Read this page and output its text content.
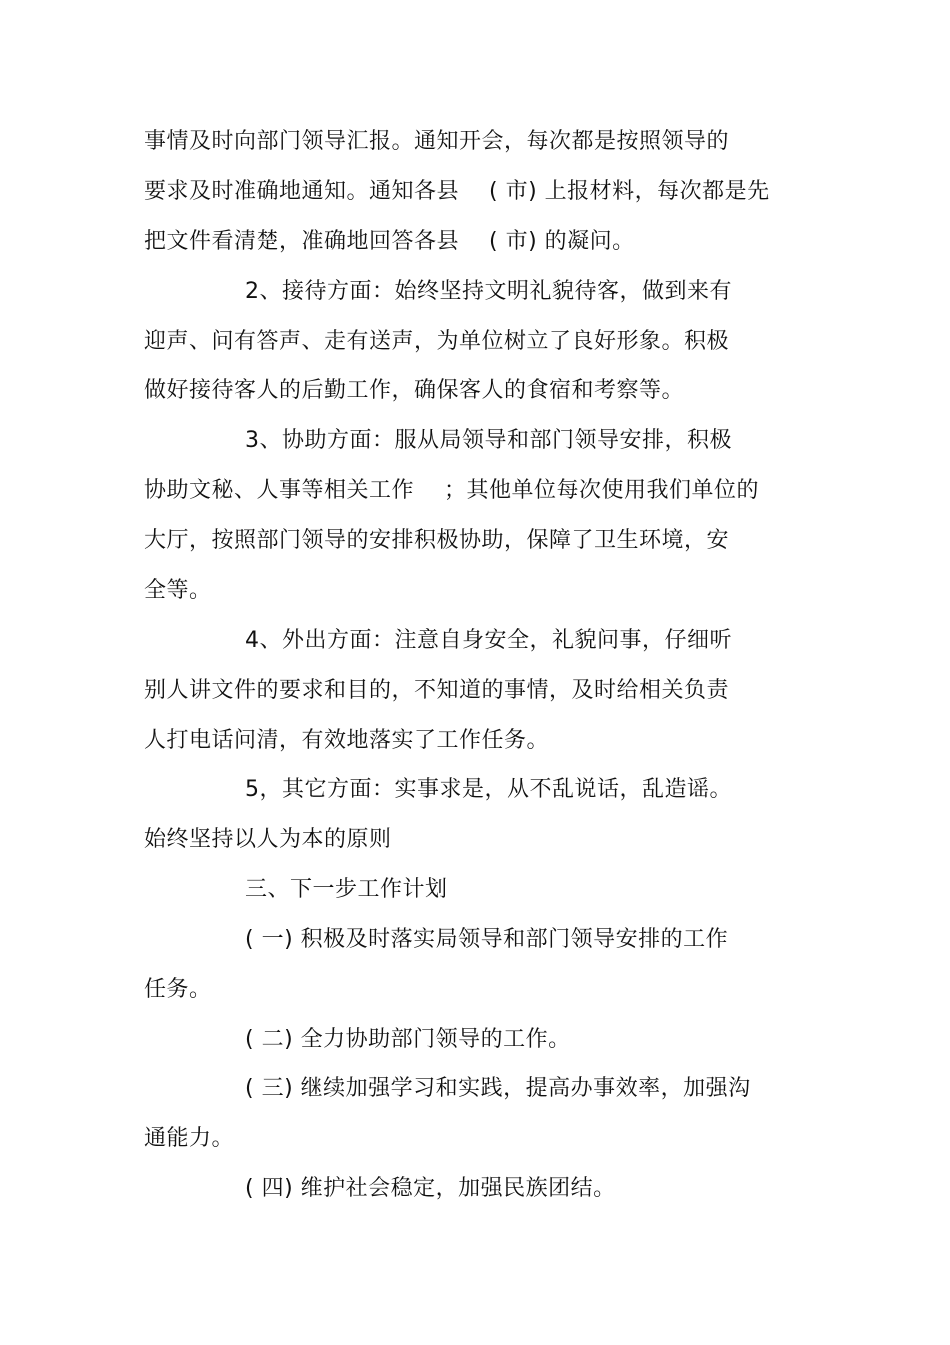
事情及时向部门领导汇报。通知开会，每次都是按照领导的
要求及时准确地通知。通知各县　 ( 市) 上报材料，每次都是先
把文件看清楚，准确地回答各县　 ( 市) 的凝问。
2、接待方面：始终坚持文明礼貌待客，做到来有
迎声、问有答声、走有送声，为单位树立了良好形象。积极
做好接待客人的后勤工作，确保客人的食宿和考察等。
3、协助方面：服从局领导和部门领导安排，积极
协助文秘、人事等相关工作　 ；其他单位每次使用我们单位的
大厅，按照部门领导的安排积极协助，保障了卫生环境，安
全等。
4、外出方面：注意自身安全，礼貌问事，仔细听
别人讲文件的要求和目的，不知道的事情，及时给相关负责
人打电话问清，有效地落实了工作任务。
5，其它方面：实事求是，从不乱说话，乱造谣。
始终坚持以人为本的原则
三、下一步工作计划
( 一) 积极及时落实局领导和部门领导安排的工作
任务。
( 二) 全力协助部门领导的工作。
( 三) 继续加强学习和实践，提高办事效率，加强沟
通能力。
( 四) 维护社会稳定，加强民族团结。
